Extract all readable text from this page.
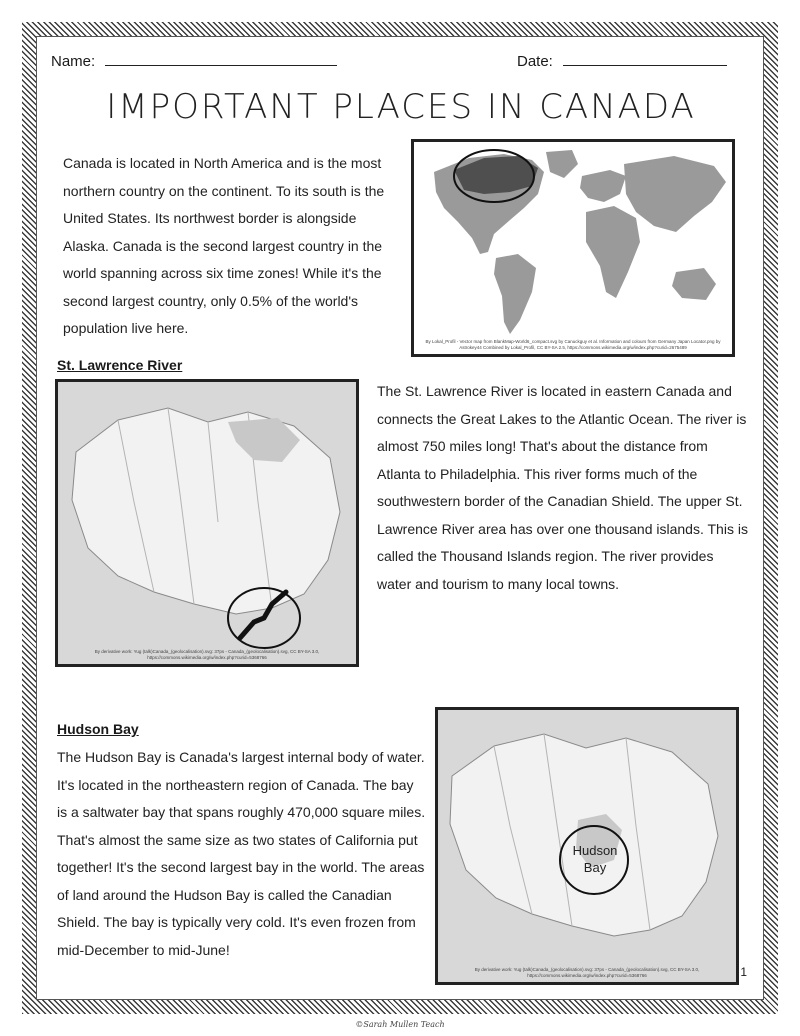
Name:	Date:
IMPORTANT PLACES IN CANADA
Canada is located in North America and is the most northern country on the continent. To its south is the United States. Its northwest border is alongside Alaska. Canada is the second largest country in the world spanning across six time zones! While it's the second largest country, only 0.5% of the world's population live here.
By Lokal_Profil - Vector map from BlankMap-World6_compact.svg by Canuckguy et al. Information and colours from Germany Japan Locator.png by Astrokey44 Combined by Lokal_Profil, CC BY-SA 2.5, https://commons.wikimedia.org/w/index.php?curid=2675489
St. Lawrence River
By derivative work: Yug (talk)Canada_(geolocalisation).svg: 37ps - Canada_(geolocalisation).svg, CC BY-SA 3.0, https://commons.wikimedia.org/w/index.php?curid=5368766
The St. Lawrence River is located in eastern Canada and connects the Great Lakes to the Atlantic Ocean. The river is almost 750 miles long! That's about the distance from Atlanta to Philadelphia. This river forms much of the southwestern border of the Canadian Shield. The upper St. Lawrence River area has over one thousand islands. This is called the Thousand Islands region. The river provides water and tourism to many local towns.
Hudson Bay
The Hudson Bay is Canada's largest internal body of water. It's located in the northeastern region of Canada. The bay is a saltwater bay that spans roughly 470,000 square miles. That's almost the same size as two states of California put together! It's the second largest bay in the world. The areas of land around the Hudson Bay is called the Canadian Shield. The bay is typically very cold. It's even frozen from mid-December to mid-June!
Hudson
Bay
By derivative work: Yug (talk)Canada_(geolocalisation).svg: 37ps - Canada_(geolocalisation).svg, CC BY-SA 3.0, https://commons.wikimedia.org/w/index.php?curid=5368766	1
©Sarah Mullen Teach
